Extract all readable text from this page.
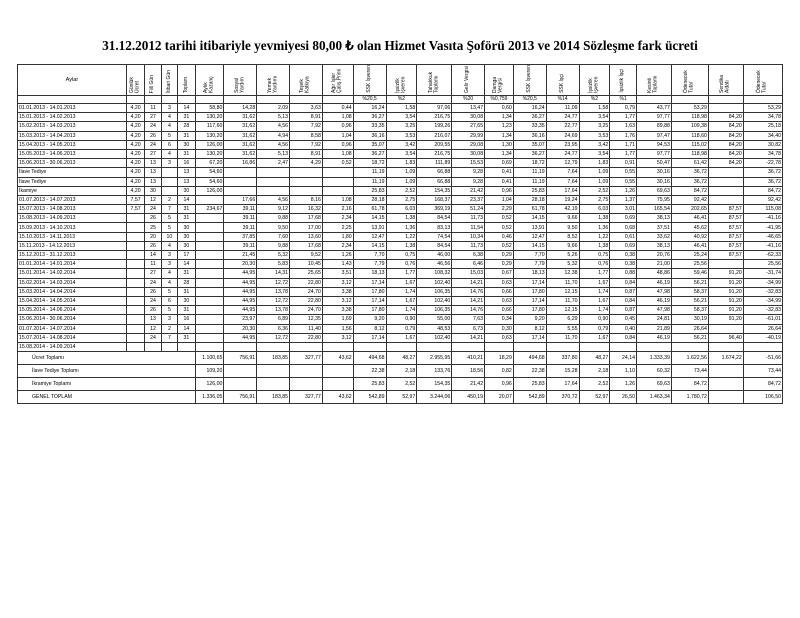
31.12.2012 tarihi itibariyle yevmiyesi 80,00 ₺ olan Hizmet Vasıta Şoförü 2013 ve 2014 Sözleşme fark ücreti
Aylar	Günlük Ücret	Fiili Gün	İtibari Gün	Toplam	Aylık Kazanç	Sosyal Yardım	Yemek Yardımı	Teşvik Katkıya	Ağır İşler Çalış.Primi	SSK İşveren	İşsizlik İşveren	Tahakkuk Toplamı	Gelir Vergisi	Damga Vergisi	SSK İşveren	SSK İşçi	İşsizlik İşveren	İşsizlik İşçi	Kesinti Toplamı	Ödenecek Tutar	Sendika Aidatı	Ödenecek Tutar

										%20,5	%2		%20	%0,759	%20,5	%14	%2	%1				
01.01.2013 - 14.01.2013	4,20	11	3	14	58,80	14,28	2,09	3,63	0,44	16,24	1,58	97,06	13,47	0,60	16,24	11,09	1,58	0,79	43,77	53,29		53,29
15.01.2013 - 14.02.2013	4,20	27	4	31	130,20	31,62	5,13	8,91	1,08	36,27	3,54	216,75	30,08	1,34	36,27	24,77	3,54	1,77	97,77	118,98	84,20	34,78
15.02.2013 - 14.03.2013	4,20	24	4	28	117,60	31,62	4,56	7,92	0,96	33,35	3,25	199,26	27,65	1,23	33,35	22,77	3,25	1,63	89,88	109,38	84,20	25,18
15.03.2013 - 14.04.2013	4,20	26	5	31	130,20	31,62	4,94	8,58	1,04	36,16	3,53	216,07	29,99	1,34	36,16	24,69	3,53	1,76	97,47	118,60	84,20	34,40
15.04.2013 - 14.05.2013	4,20	24	6	30	126,00	31,62	4,56	7,92	0,96	35,07	3,42	209,55	29,08	1,30	35,07	23,95	3,42	1,71	94,53	115,02	84,20	30,82
15.05.2013 - 14.06.2013	4,20	27	4	31	130,20	31,62	5,13	8,91	1,08	36,27	3,54	216,75	30,08	1,34	36,27	24,77	3,54	1,77	97,77	118,98	84,20	34,78
15.06.2013 - 30.06.2013	4,20	13	3	16	67,20	16,86	2,47	4,29	0,52	18,72	1,83	111,89	15,53	0,69	18,72	12,79	1,83	0,91	50,47	61,42	84,20	-22,78
İlave Tediye	4,20	13		13	54,60					11,19	1,09	66,88	9,28	0,41	11,19	7,64	1,09	0,55	30,16	36,72		36,72
İlave Tediye	4,20	13		13	54,60					11,19	1,09	66,88	9,28	0,41	11,19	7,64	1,09	0,55	30,16	36,72		36,72
İkamiye	4,20	30		30	126,00					25,83	2,52	154,35	21,42	0,96	25,83	17,64	2,52	1,26	69,63	84,72		84,72
01.07.2013 - 14.07.2013	7,57	12	2	14		17,66	4,56	8,16	1,08	28,18	2,75	168,37	23,37	1,04	28,18	19,24	2,75	1,37	75,95	92,42		92,42
15.07.2013 - 14.08.2013	7,57	24	7	31	234,67	39,11	9,12	16,32	2,16	61,78	6,03	369,19	51,24	2,29	61,78	42,19	6,03	3,01	165,54	202,65	87,57	115,08
15.08.2013 - 14.09.2013		26	5	31		39,11	9,88	17,68	2,34	14,15	1,38	84,54	11,73	0,52	14,15	9,66	1,38	0,69	38,13	46,41	87,57	-41,16
15.09.2013 - 14.10.2013		25	5	30		39,11	9,50	17,00	2,25	13,91	1,36	83,13	11,54	0,52	13,91	9,50	1,36	0,68	37,51	45,62	87,57	-41,95
15.10.2013 - 14.11.2013		20	10	30		37,85	7,60	13,60	1,80	12,47	1,22	74,54	10,34	0,46	12,47	8,52	1,22	0,61	33,62	40,92	87,57	-46,65
15.11.2013 - 14.12.2013		26	4	30		39,11	9,88	17,68	2,34	14,15	1,38	84,54	11,73	0,52	14,15	9,66	1,38	0,69	38,13	46,41	87,57	-41,16
15.12.2013 - 31.12.2013		14	3	17		21,45	5,32	9,52	1,26	7,70	0,75	46,00	6,38	0,29	7,70	5,26	0,75	0,38	20,76	25,24	87,57	-62,33
01.01.2014 - 14.01.2014		11	3	14		20,30	5,83	10,45	1,43	7,79	0,76	46,56	6,46	0,29	7,79	5,32	0,76	0,38	21,00	25,56		25,56
15.01.2014 - 14.02.2014		27	4	31		44,95	14,31	25,65	3,51	18,13	1,77	108,32	15,03	0,67	18,13	12,38	1,77	0,88	48,86	59,46	91,20	-31,74
15.02.2014 - 14.03.2014		24	4	28		44,95	12,72	22,80	3,12	17,14	1,67	102,40	14,21	0,63	17,14	11,70	1,67	0,84	46,19	56,21	91,20	-34,99
15.03.2014 - 14.04.2014		26	5	31		44,95	13,78	24,70	3,38	17,80	1,74	106,35	14,76	0,66	17,80	12,15	1,74	0,87	47,98	58,37	91,20	-32,83
15.04.2014 - 14.05.2014		24	6	30		44,95	12,72	22,80	3,12	17,14	1,67	102,40	14,21	0,63	17,14	11,70	1,67	0,84	46,19	56,21	91,20	-34,99
15.05.2014 - 14.06.2014		26	5	31		44,95	13,78	24,70	3,38	17,80	1,74	106,35	14,76	0,66	17,80	12,15	1,74	0,87	47,98	58,37	91,20	-32,83
15.06.2014 - 30.06.2014		13	3	16		23,97	6,89	12,35	1,69	9,20	0,90	55,00	7,63	0,34	9,20	6,29	0,90	0,45	24,81	30,19	91,20	-61,01
01.07.2014 - 14.07.2014		12	2	14		20,30	6,36	11,40	1,56	8,12	0,79	48,53	6,73	0,30	8,12	5,55	0,79	0,40	21,89	26,64		26,64
15.07.2014 - 14.08.2014		24	7	31		44,95	12,72	22,80	3,12	17,14	1,67	102,40	14,21	0,63	17,14	11,70	1,67	0,84	46,19	56,21	96,40	-40,19
15.08.2014 - 14.09.2014																						
Ücret Toplamı					1.100,65	756,91	183,85	327,77	43,62	494,68	48,27	2.955,95	410,21	18,29	494,68	337,80	48,27	24,14	1.333,39	1.622,56	1.674,22	-51,66
İlave Tediye Toplamı					109,20					22,38	2,18	133,76	18,56	0,82	22,38	15,28	2,18	1,10	60,32	73,44		73,44
İkramiye Toplamı					126,00					25,83	2,52	154,35	21,42	0,96	25,83	17,64	2,52	1,26	69,63	84,72		84,72
GENEL TOPLAM					1.336,05	756,91	183,85	327,77	43,62	542,89	52,97	3.244,06	450,19	20,07	542,89	370,72	52,97	26,50	1.463,34	1.780,72		106,50
